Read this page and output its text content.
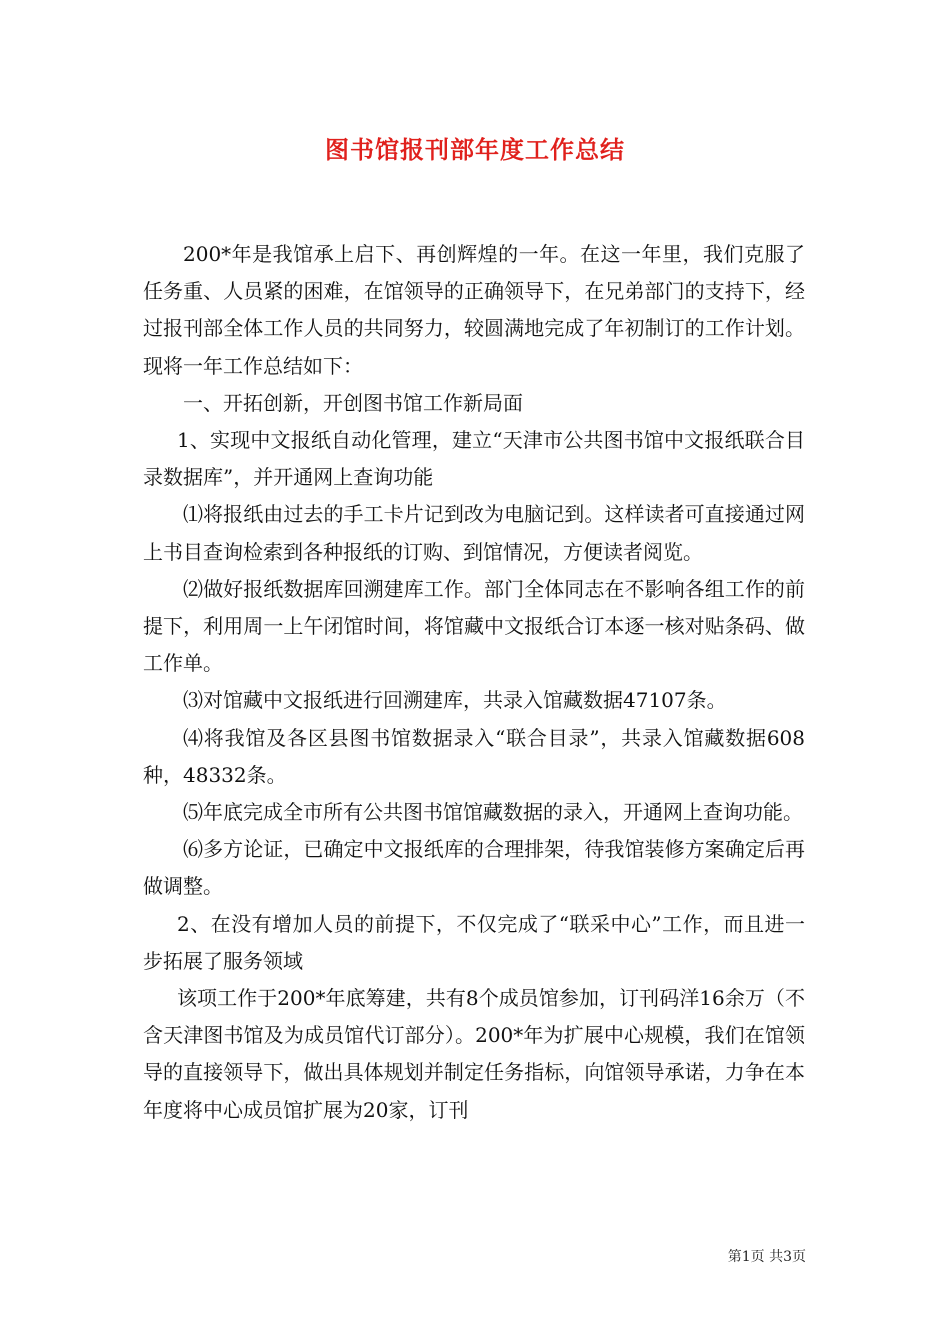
图书馆报刊部年度工作总结

200*年是我馆承上启下、再创辉煌的一年。在这一年里，我们克服了任务重、人员紧的困难，在馆领导的正确领导下，在兄弟部门的支持下，经过报刊部全体工作人员的共同努力，较圆满地完成了年初制订的工作计划。现将一年工作总结如下：

一、开拓创新，开创图书馆工作新局面

1、实现中文报纸自动化管理，建立“天津市公共图书馆中文报纸联合目录数据库”，并开通网上查询功能

⑴将报纸由过去的手工卡片记到改为电脑记到。这样读者可直接通过网上书目查询检索到各种报纸的订购、到馆情况，方便读者阅览。

⑵做好报纸数据库回溯建库工作。部门全体同志在不影响各组工作的前提下，利用周一上午闭馆时间，将馆藏中文报纸合订本逐一核对贴条码、做工作单。

⑶对馆藏中文报纸进行回溯建库，共录入馆藏数据47107条。

⑷将我馆及各区县图书馆数据录入“联合目录”，共录入馆藏数据608种，48332条。

⑸年底完成全市所有公共图书馆馆藏数据的录入，开通网上查询功能。

⑹多方论证，已确定中文报纸库的合理排架，待我馆装修方案确定后再做调整。

2、在没有增加人员的前提下，不仅完成了“联采中心”工作，而且进一步拓展了服务领域

该项工作于200*年底筹建，共有8个成员馆参加，订刊码洋16余万（不含天津图书馆及为成员馆代订部分）。200*年为扩展中心规模，我们在馆领导的直接领导下，做出具体规划并制定任务指标，向馆领导承诺，力争在本年度将中心成员馆扩展为20家，订刊

第1页 共3页
